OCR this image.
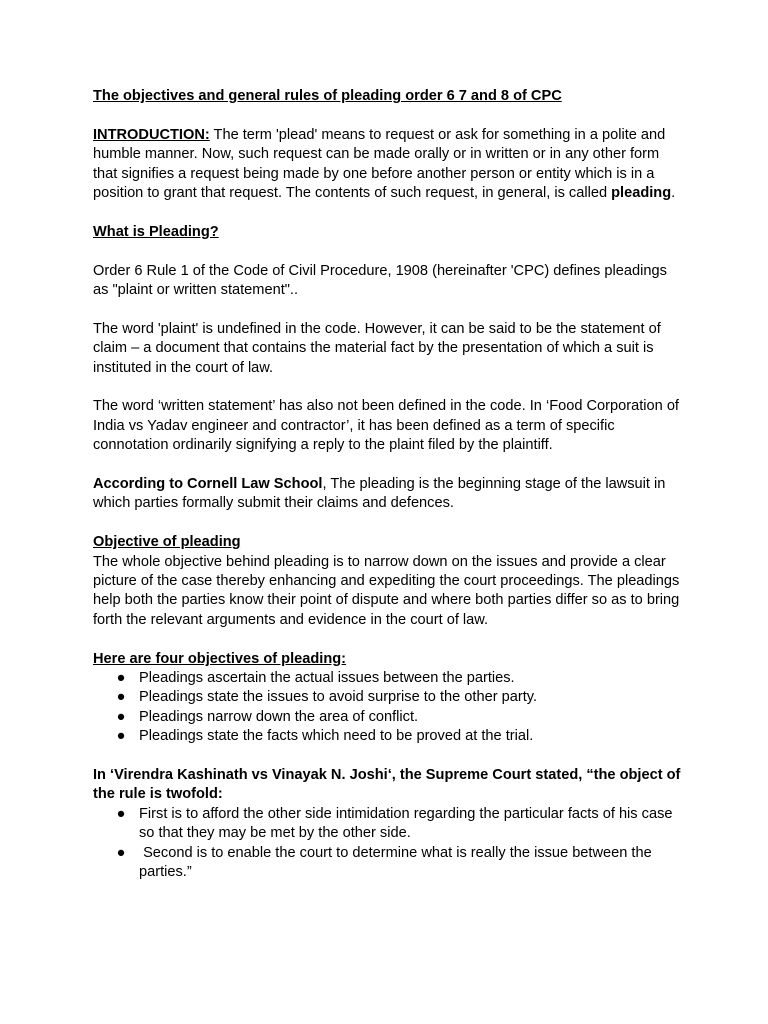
The objectives and general rules of pleading order 6 7 and 8 of CPC

INTRODUCTION: The term 'plead' means to request or ask for something in a polite and humble manner. Now, such request can be made orally or in written or in any other form that signifies a request being made by one before another person or entity which is in a position to grant that request. The contents of such request, in general, is called pleading.

What is Pleading?

Order 6 Rule 1 of the Code of Civil Procedure, 1908 (hereinafter 'CPC) defines pleadings as "plaint or written statement"..

The word 'plaint' is undefined in the code. However, it can be said to be the statement of claim – a document that contains the material fact by the presentation of which a suit is instituted in the court of law.

The word ‘written statement’ has also not been defined in the code. In ‘Food Corporation of India vs Yadav engineer and contractor’, it has been defined as a term of specific connotation ordinarily signifying a reply to the plaint filed by the plaintiff.

According to Cornell Law School, The pleading is the beginning stage of the lawsuit in which parties formally submit their claims and defences.

Objective of pleading

The whole objective behind pleading is to narrow down on the issues and provide a clear picture of the case thereby enhancing and expediting the court proceedings. The pleadings help both the parties know their point of dispute and where both parties differ so as to bring forth the relevant arguments and evidence in the court of law.

Here are four objectives of pleading:

● Pleadings ascertain the actual issues between the parties.
● Pleadings state the issues to avoid surprise to the other party.
● Pleadings narrow down the area of conflict.
● Pleadings state the facts which need to be proved at the trial.

In ‘Virendra Kashinath vs Vinayak N. Joshi‘, the Supreme Court stated, “the object of the rule is twofold:

● First is to afford the other side intimidation regarding the particular facts of his case so that they may be met by the other side.
● Second is to enable the court to determine what is really the issue between the parties.”
